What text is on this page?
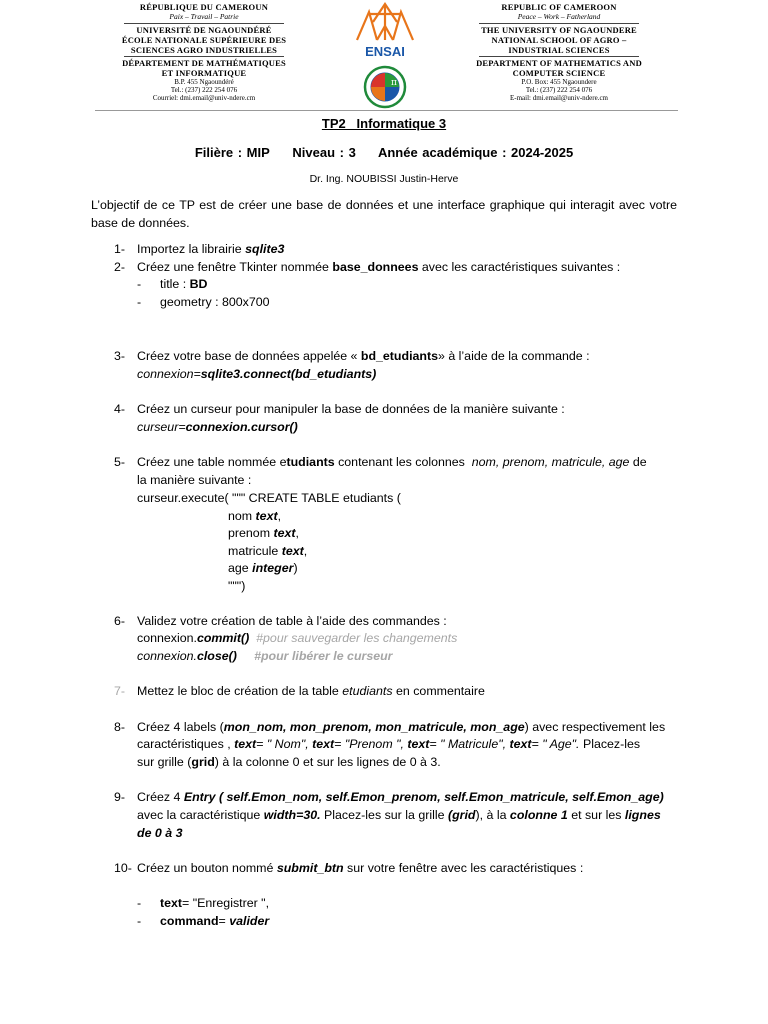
RÉPUBLIQUE DU CAMEROUN
Paix – Travail – Patrie
UNIVERSITÉ DE NGAOUNDÉRÉ
ÉCOLE NATIONALE SUPÉRIEURE DES
SCIENCES AGRO INDUSTRIELLES
DÉPARTEMENT DE MATHÉMATIQUES
ET INFORMATIQUE
B.P. 455 Ngaoundéré
Tel.: (237) 222 254 076
Courriel: dmi.email@univ-ndere.cm
ENSAI
π
REPUBLIC OF CAMEROON
Peace – Work – Fatherland
THE UNIVERSITY OF NGAOUNDERE
NATIONAL SCHOOL OF AGRO –
INDUSTRIAL SCIENCES
DEPARTMENT OF MATHEMATICS AND
COMPUTER SCIENCE
P.O. Box: 455 Ngaoundere
Tel.: (237) 222 254 076
E-mail: dmi.email@univ-ndere.cm
TP2   Informatique 3
Filière : MIP Niveau : 3 Année académique : 2024-2025
Dr. Ing. NOUBISSI Justin-Herve
L’objectif de ce TP est de créer une base de données et une interface graphique qui interagit avec votre base de données.
1- Importez la librairie sqlite3
2- Créez une fenêtre Tkinter nommée base_donnees avec les caractéristiques suivantes :
- title : BD
- geometry : 800x700
3- Créez votre base de données appelée « bd_etudiants» à l’aide de la commande :
connexion=sqlite3.connect(bd_etudiants)
4- Créez un curseur pour manipuler la base de données de la manière suivante :
curseur=connexion.cursor()
5- Créez une table nommée etudiants contenant les colonnes  nom, prenom, matricule, age de
la manière suivante :
curseur.execute( """ CREATE TABLE etudiants (
nom text,
prenom text,
matricule text,
age integer)
""")
6- Validez votre création de table à l’aide des commandes :
connexion.commit()  #pour sauvegarder les changements
connexion.close()     #pour libérer le curseur
7- Mettez le bloc de création de la table etudiants en commentaire
8- Créez 4 labels (mon_nom, mon_prenom, mon_matricule, mon_age) avec respectivement les
caractéristiques , text= " Nom", text= "Prenom ", text= " Matricule", text= " Age". Placez-les
sur grille (grid) à la colonne 0 et sur les lignes de 0 à 3.
9- Créez 4 Entry ( self.Emon_nom, self.Emon_prenom, self.Emon_matricule, self.Emon_age)
avec la caractéristique width=30. Placez-les sur la grille (grid), à la colonne 1 et sur les lignes
de 0 à 3
10- Créez un bouton nommé submit_btn sur votre fenêtre avec les caractéristiques :
- text= "Enregistrer ",
- command= valider
